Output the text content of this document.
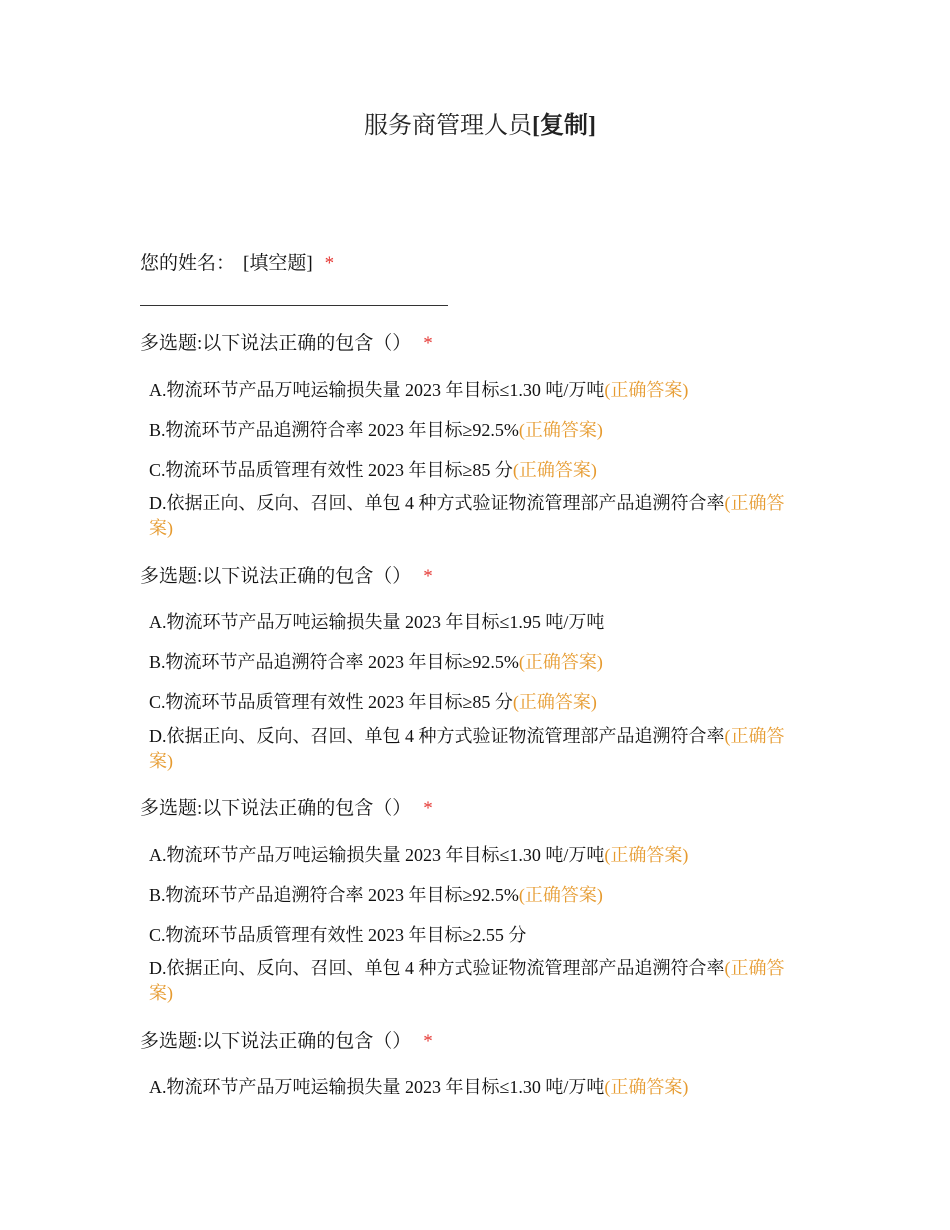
服务商管理人员[复制]
您的姓名： [填空题] *
多选题:以下说法正确的包含（） *
A.物流环节产品万吨运输损失量 2023 年目标≤1.30 吨/万吨(正确答案)
B.物流环节产品追溯符合率 2023 年目标≥92.5%(正确答案)
C.物流环节品质管理有效性 2023 年目标≥85 分(正确答案)
D.依据正向、反向、召回、单包 4 种方式验证物流管理部产品追溯符合率(正确答案)
多选题:以下说法正确的包含（） *
A.物流环节产品万吨运输损失量 2023 年目标≤1.95 吨/万吨
B.物流环节产品追溯符合率 2023 年目标≥92.5%(正确答案)
C.物流环节品质管理有效性 2023 年目标≥85 分(正确答案)
D.依据正向、反向、召回、单包 4 种方式验证物流管理部产品追溯符合率(正确答案)
多选题:以下说法正确的包含（） *
A.物流环节产品万吨运输损失量 2023 年目标≤1.30 吨/万吨(正确答案)
B.物流环节产品追溯符合率 2023 年目标≥92.5%(正确答案)
C.物流环节品质管理有效性 2023 年目标≥2.55 分
D.依据正向、反向、召回、单包 4 种方式验证物流管理部产品追溯符合率(正确答案)
多选题:以下说法正确的包含（） *
A.物流环节产品万吨运输损失量 2023 年目标≤1.30 吨/万吨(正确答案)
